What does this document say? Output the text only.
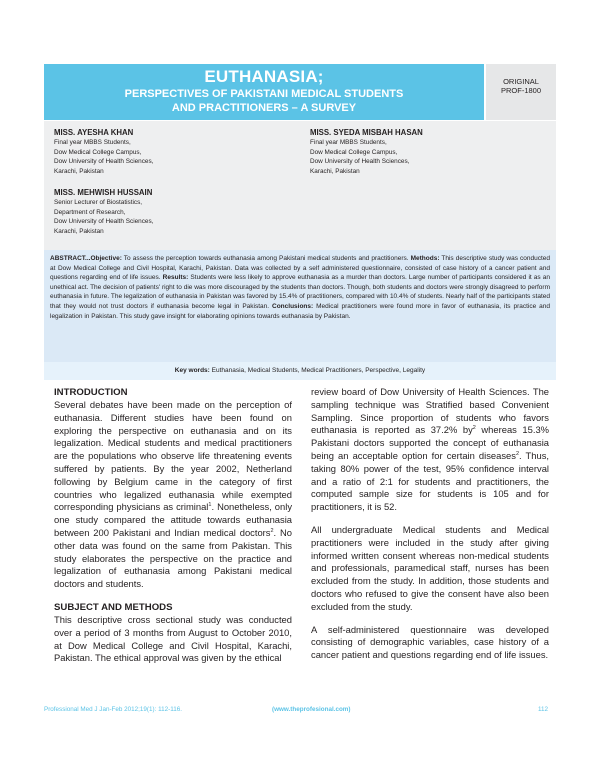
EUTHANASIA;
PERSPECTIVES OF PAKISTANI MEDICAL STUDENTS
AND PRACTITIONERS – A SURVEY
ORIGINAL
PROF-1800
MISS. AYESHA KHAN
Final year MBBS Students,
Dow Medical College Campus,
Dow University of Health Sciences,
Karachi, Pakistan
MISS. SYEDA MISBAH HASAN
Final year MBBS Students,
Dow Medical College Campus,
Dow University of Health Sciences,
Karachi, Pakistan
MISS. MEHWISH HUSSAIN
Senior Lecturer of Biostatistics,
Department of Research,
Dow University of Health Sciences,
Karachi, Pakistan
ABSTRACT...Objective: To assess the perception towards euthanasia among Pakistani medical students and practitioners. Methods: This descriptive study was conducted at Dow Medical College and Civil Hospital, Karachi, Pakistan. Data was collected by a self administered questionnaire, consisted of case history of a cancer patient and questions regarding end of life issues. Results: Students were less likely to approve euthanasia as a murder than doctors. Large number of participants considered it as an unethical act. The decision of patients' right to die was more discouraged by the students than doctors. Though, both students and doctors were strongly disagreed to perform euthanasia in future. The legalization of euthanasia in Pakistan was favored by 15.4% of practitioners, compared with 10.4% of students. Nearly half of the participants stated that they would not trust doctors if euthanasia become legal in Pakistan. Conclusions: Medical practitioners were found more in favor of euthanasia, its practice and legalization in Pakistan. This study gave insight for elaborating opinions towards euthanasia by Pakistan.
Key words: Euthanasia, Medical Students, Medical Practitioners, Perspective, Legality
INTRODUCTION
Several debates have been made on the perception of euthanasia. Different studies have been found on exploring the perspective on euthanasia and on its legalization. Medical students and medical practitioners are the populations who observe life threatening events suffered by patients. By the year 2002, Netherland following by Belgium came in the category of first countries who legalized euthanasia while exempted corresponding physicians as criminal$^1$. Nonetheless, only one study compared the attitude towards euthanasia between 200 Pakistani and Indian medical doctors$^2$. No other data was found on the same from Pakistan. This study elaborates the perspective on the practice and legalization of euthanasia among Pakistani medical doctors and students.
SUBJECT AND METHODS
This descriptive cross sectional study was conducted over a period of 3 months from August to October 2010, at Dow Medical College and Civil Hospital, Karachi, Pakistan. The ethical approval was given by the ethical
review board of Dow University of Health Sciences. The sampling technique was Stratified based Convenient Sampling. Since proportion of students who favors euthanasia is reported as 37.2% $by^2$ whereas 15.3% Pakistani doctors supported the concept of euthanasia being an acceptable option for certain diseases$^2$. Thus, taking 80% power of the test, 95% confidence interval and a ratio of 2:1 for students and practitioners, the computed sample size for students is 105 and for practitioners, it is 52.
All undergraduate Medical students and Medical practitioners were included in the study after giving informed written consent whereas non-medical students and professionals, paramedical staff, nurses has been excluded from the study. In addition, those students and doctors who refused to give the consent have also been excluded from the study.
A self-administered questionnaire was developed consisting of demographic variables, case history of a cancer patient and questions regarding end of life issues.
Professional Med J Jan-Feb 2012;19(1): 112-116.	(www.theprofesional.com)	112
